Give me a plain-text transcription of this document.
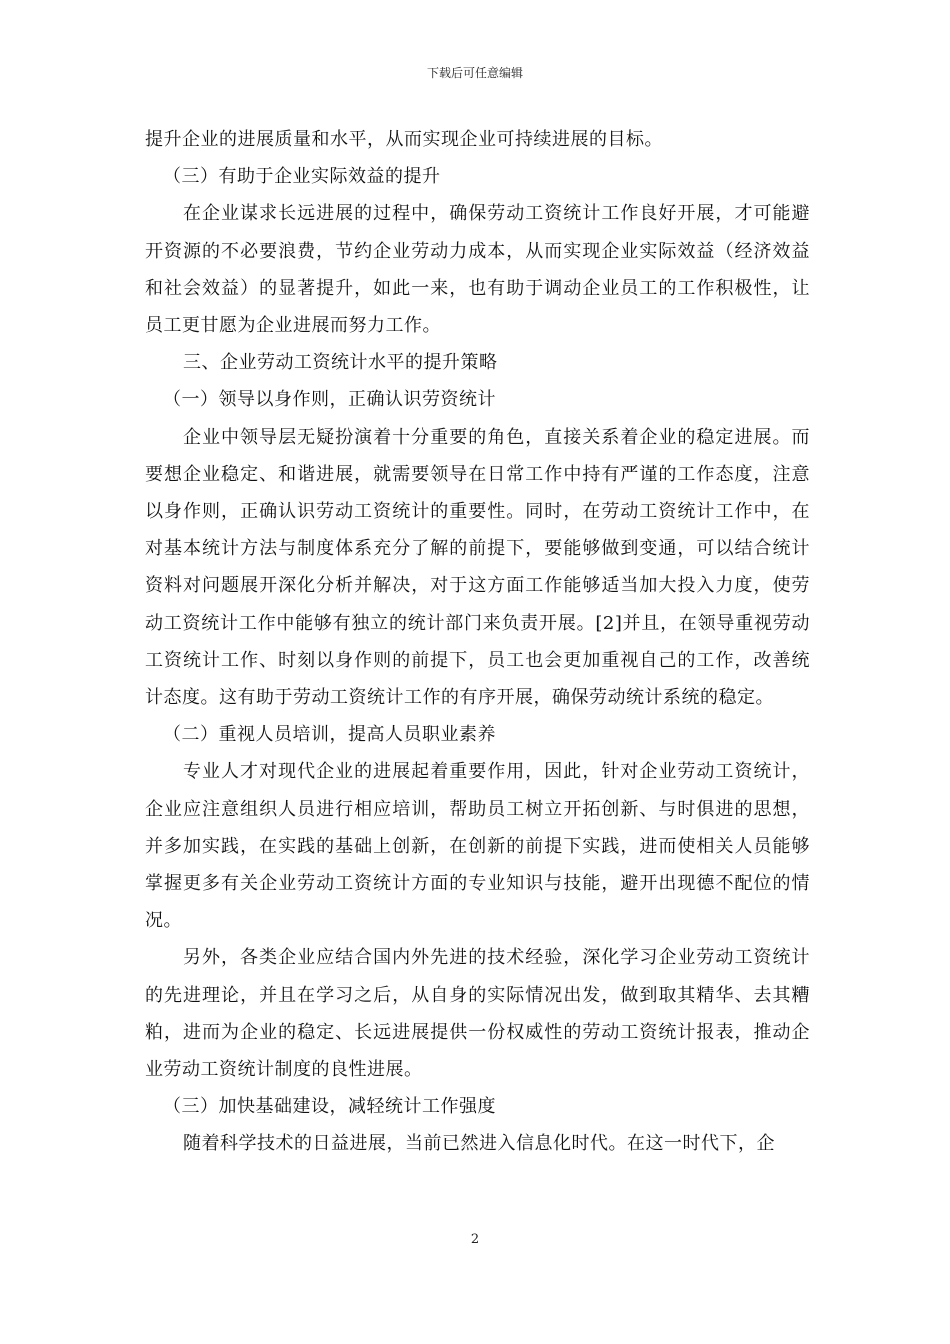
下载后可任意编辑

提升企业的进展质量和水平，从而实现企业可持续进展的目标。

（三）有助于企业实际效益的提升

在企业谋求长远进展的过程中，确保劳动工资统计工作良好开展，才可能避开资源的不必要浪费，节约企业劳动力成本，从而实现企业实际效益（经济效益和社会效益）的显著提升，如此一来，也有助于调动企业员工的工作积极性，让员工更甘愿为企业进展而努力工作。

三、企业劳动工资统计水平的提升策略

（一）领导以身作则，正确认识劳资统计

企业中领导层无疑扮演着十分重要的角色，直接关系着企业的稳定进展。而要想企业稳定、和谐进展，就需要领导在日常工作中持有严谨的工作态度，注意以身作则，正确认识劳动工资统计的重要性。同时，在劳动工资统计工作中，在对基本统计方法与制度体系充分了解的前提下，要能够做到变通，可以结合统计资料对问题展开深化分析并解决，对于这方面工作能够适当加大投入力度，使劳动工资统计工作中能够有独立的统计部门来负责开展。[2]并且，在领导重视劳动工资统计工作、时刻以身作则的前提下，员工也会更加重视自己的工作，改善统计态度。这有助于劳动工资统计工作的有序开展，确保劳动统计系统的稳定。

（二）重视人员培训，提高人员职业素养

专业人才对现代企业的进展起着重要作用，因此，针对企业劳动工资统计，企业应注意组织人员进行相应培训，帮助员工树立开拓创新、与时俱进的思想，并多加实践，在实践的基础上创新，在创新的前提下实践，进而使相关人员能够掌握更多有关企业劳动工资统计方面的专业知识与技能，避开出现德不配位的情况。

另外，各类企业应结合国内外先进的技术经验，深化学习企业劳动工资统计的先进理论，并且在学习之后，从自身的实际情况出发，做到取其精华、去其糟粕，进而为企业的稳定、长远进展提供一份权威性的劳动工资统计报表，推动企业劳动工资统计制度的良性进展。

（三）加快基础建设，减轻统计工作强度

随着科学技术的日益进展，当前已然进入信息化时代。在这一时代下，企

2
